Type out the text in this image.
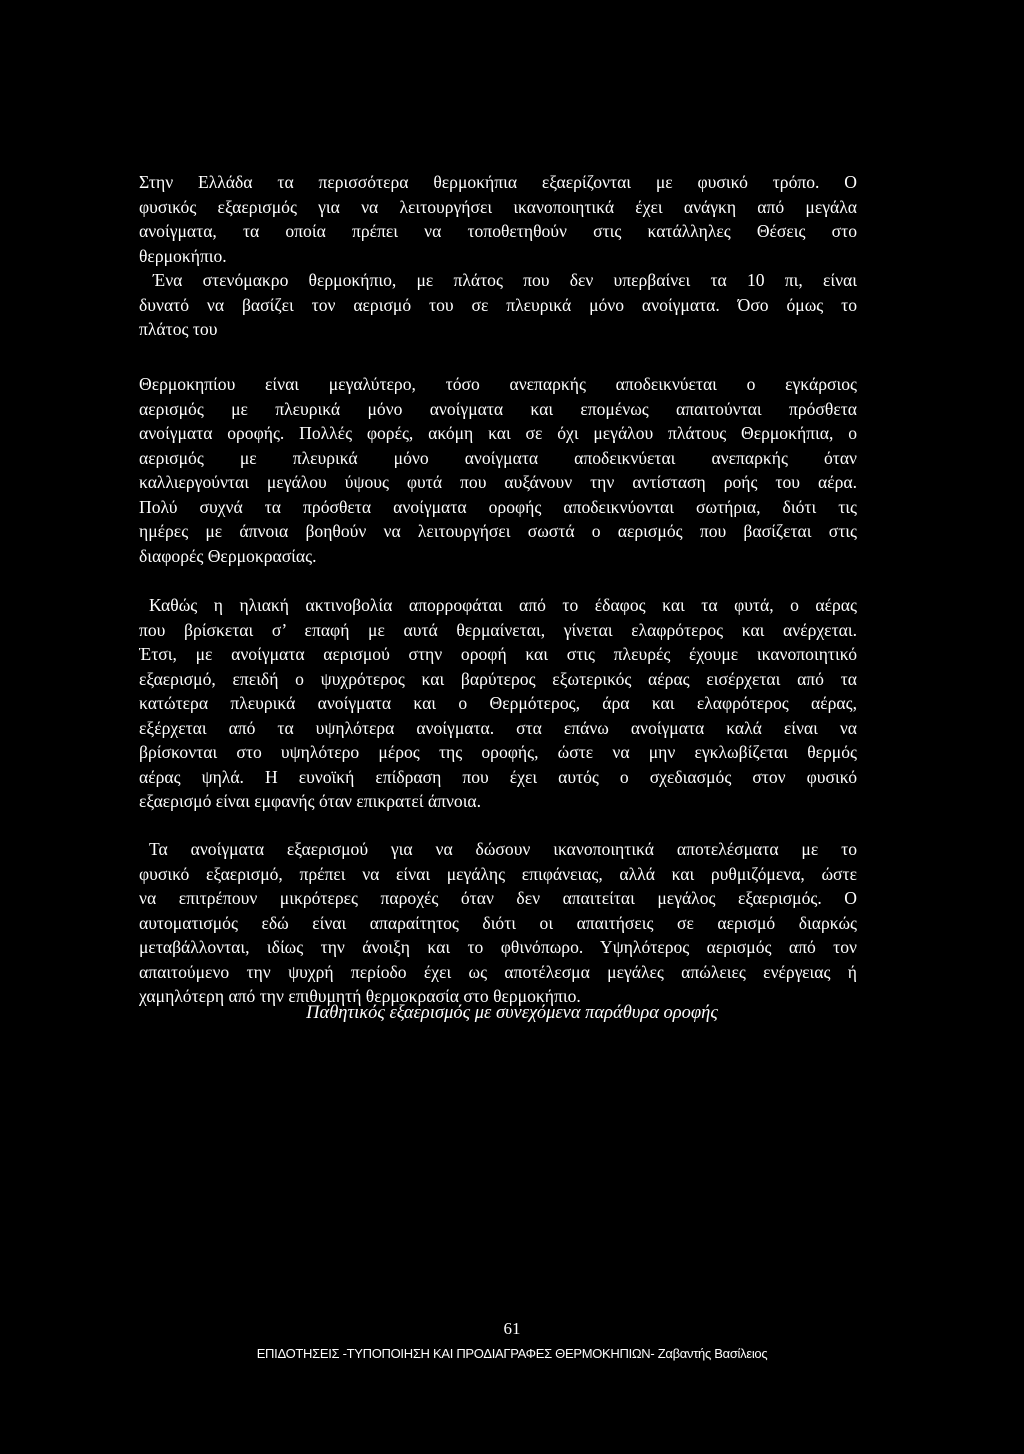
Στην Ελλάδα τα περισσότερα θερμοκήπια εξαερίζονται με φυσικό τρόπο. Ο
φυσικός εξαερισμός για να λειτουργήσει ικανοποιητικά έχει ανάγκη από μεγάλα
ανοίγματα, τα οποία πρέπει να τοποθετηθούν στις κατάλληλες Θέσεις στο
θερμοκήπιο.
Ένα στενόμακρο θερμοκήπιο, με πλάτος που δεν υπερβαίνει τα 10 πι, είναι
δυνατό να βασίζει τον αερισμό του σε πλευρικά μόνο ανοίγματα. Όσο όμως το
πλάτος του
Θερμοκηπίου είναι μεγαλύτερο, τόσο ανεπαρκής αποδεικνύεται ο εγκάρσιος
αερισμός με πλευρικά μόνο ανοίγματα και επομένως απαιτούνται πρόσθετα
ανοίγματα οροφής. Πολλές φορές, ακόμη και σε όχι μεγάλου πλάτους Θερμοκήπια, ο
αερισμός με πλευρικά μόνο ανοίγματα αποδεικνύεται ανεπαρκής όταν
καλλιεργούνται μεγάλου ύψους φυτά που αυξάνουν την αντίσταση ροής του αέρα.
Πολύ συχνά τα πρόσθετα ανοίγματα οροφής αποδεικνύονται σωτήρια, διότι τις
ημέρες με άπνοια βοηθούν να λειτουργήσει σωστά ο αερισμός που βασίζεται στις
διαφορές Θερμοκρασίας.
Καθώς η ηλιακή ακτινοβολία απορροφάται από το έδαφος και τα φυτά, ο αέρας
που βρίσκεται σ’ επαφή με αυτά θερμαίνεται, γίνεται ελαφρότερος και ανέρχεται.
Έτσι, με ανοίγματα αερισμού στην οροφή και στις πλευρές έχουμε ικανοποιητικό
εξαερισμό, επειδή ο ψυχρότερος και βαρύτερος εξωτερικός αέρας εισέρχεται από τα
κατώτερα πλευρικά ανοίγματα και ο Θερμότερος, άρα και ελαφρότερος αέρας,
εξέρχεται από τα υψηλότερα ανοίγματα. στα επάνω ανοίγματα καλά είναι να
βρίσκονται στο υψηλότερο μέρος της οροφής, ώστε να μην εγκλωβίζεται θερμός
αέρας ψηλά. Η ευνοϊκή επίδραση που έχει αυτός ο σχεδιασμός στον φυσικό
εξαερισμό είναι εμφανής όταν επικρατεί άπνοια.
Τα ανοίγματα εξαερισμού για να δώσουν ικανοποιητικά αποτελέσματα με το
φυσικό εξαερισμό, πρέπει να είναι μεγάλης επιφάνειας, αλλά και ρυθμιζόμενα, ώστε
να επιτρέπουν μικρότερες παροχές όταν δεν απαιτείται μεγάλος εξαερισμός. Ο
αυτοματισμός εδώ είναι απαραίτητος διότι οι απαιτήσεις σε αερισμό διαρκώς
μεταβάλλονται, ιδίως την άνοιξη και το φθινόπωρο. Υψηλότερος αερισμός από τον
απαιτούμενο την ψυχρή περίοδο έχει ως αποτέλεσμα μεγάλες απώλειες ενέργειας ή
χαμηλότερη από την επιθυμητή θερμοκρασία στο θερμοκήπιο.
Παθητικός εξαερισμός με συνεχόμενα παράθυρα οροφής
61
ΕΠΙΔΟΤΗΣΕΙΣ -ΤΥΠΟΠΟΙΗΣΗ ΚΑΙ ΠΡΟΔΙΑΓΡΑΦΕΣ ΘΕΡΜΟΚΗΠΙΩΝ- Ζαβαντής Βασίλειος
